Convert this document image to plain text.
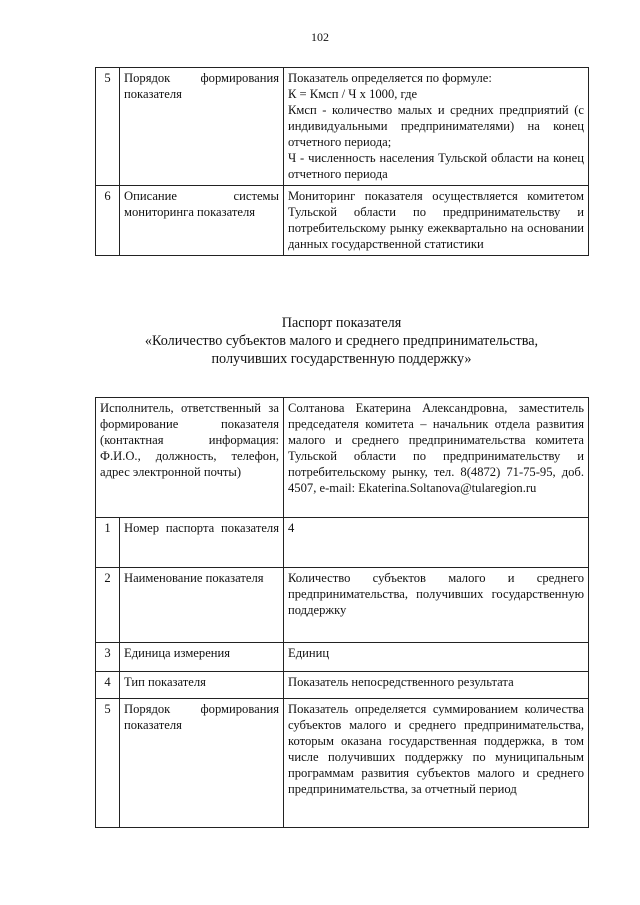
102
5	Порядок формирования показателя	Показатель определяется по формуле:
К = Кмсп / Ч х 1000, где
Кмсп - количество малых и средних предприятий (с индивидуальными предпринимателями) на конец отчетного периода;
Ч - численность населения Тульской области на конец отчетного периода

6	Описание системы мониторинга показателя	Мониторинг показателя осуществляется комитетом Тульской области по предпринимательству и потребительскому рынку ежеквартально на основании данных государственной статистики
Паспорт показателя
«Количество субъектов малого и среднего предпринимательства,
получивших государственную поддержку»
Исполнитель, ответственный за формирование показателя (контактная информация: Ф.И.О., должность, телефон, адрес электронной почты)		Солтанова Екатерина Александровна, заместитель председателя комитета – начальник отдела развития малого и среднего предпринимательства комитета Тульской области по предпринимательству и потребительскому рынку, тел. 8(4872) 71-75-95, доб. 4507, e-mail: Ekaterina.Soltanova@tularegion.ru
1	Номер паспорта показателя	4
2	Наименование показателя	Количество субъектов малого и среднего предпринимательства, получивших государственную поддержку
3	Единица измерения	Единиц
4	Тип показателя	Показатель непосредственного результата
5	Порядок формирования показателя	Показатель определяется суммированием количества субъектов малого и среднего предпринимательства, которым оказана государственная поддержка, в том числе получивших поддержку по муниципальным программам развития субъектов малого и среднего предпринимательства, за отчетный период
